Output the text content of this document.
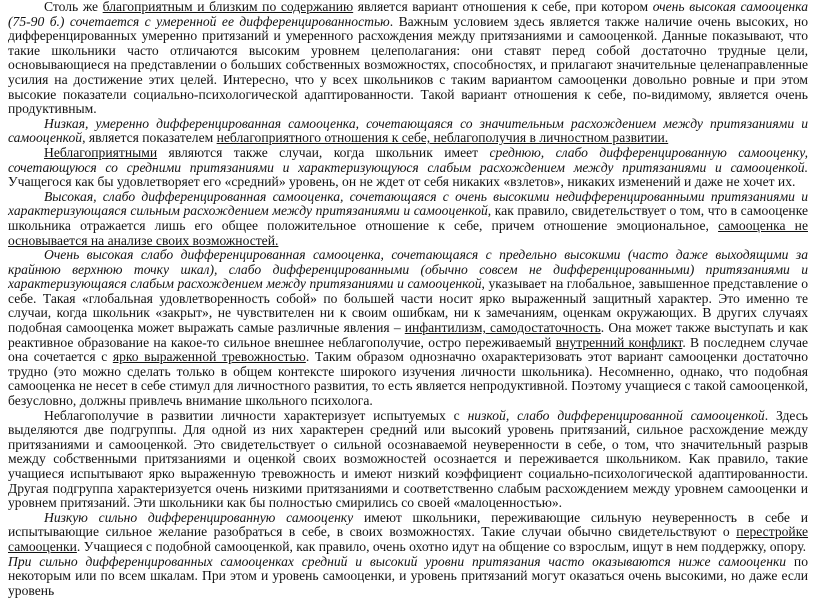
Столь же благоприятным и близким по содержанию является вариант отношения к себе, при котором очень высокая самооценка (75-90 б.) сочетается с умеренной ее дифференцированностью. Важным условием здесь является также наличие очень высоких, но дифференцированных умеренно притязаний и умеренного расхождения между притязаниями и самооценкой. Данные показывают, что такие школьники часто отличаются высоким уровнем целеполагания: они ставят перед собой достаточно трудные цели, основывающиеся на представлении о больших собственных возможностях, способностях, и прилагают значительные целенаправленные усилия на достижение этих целей. Интересно, что у всех школьников с таким вариантом самооценки довольно ровные и при этом высокие показатели социально-психологической адаптированности. Такой вариант отношения к себе, по-видимому, является очень продуктивным.

Низкая, умеренно дифференцированная самооценка, сочетающаяся со значительным расхождением между притязаниями и самооценкой, является показателем неблагоприятного отношения к себе, неблагополучия в личностном развитии.

Неблагоприятными являются также случаи, когда школьник имеет среднюю, слабо дифференцированную самооценку, сочетающуюся со средними притязаниями и характеризующуюся слабым расхождением между притязаниями и самооценкой. Учащегося как бы удовлетворяет его «средний» уровень, он не ждет от себя никаких «взлетов», никаких изменений и даже не хочет их.

Высокая, слабо дифференцированная самооценка, сочетающаяся с очень высокими недифференцированными притязаниями и характеризующаяся сильным расхождением между притязаниями и самооценкой, как правило, свидетельствует о том, что в самооценке школьника отражается лишь его общее положительное отношение к себе, причем отношение эмоциональное, самооценка не основывается на анализе своих возможностей.

Очень высокая слабо дифференцированная самооценка, сочетающаяся с предельно высокими (часто даже выходящими за крайнюю верхнюю точку шкал), слабо дифференцированными (обычно совсем не дифференцированными) притязаниями и характеризующаяся слабым расхождением между притязаниями и самооценкой, указывает на глобальное, завышенное представление о себе. Такая «глобальная удовлетворенность собой» по большей части носит ярко выраженный защитный характер. Это именно те случаи, когда школьник «закрыт», не чувствителен ни к своим ошибкам, ни к замечаниям, оценкам окружающих. В других случаях подобная самооценка может выражать самые различные явления – инфантилизм, самодостаточность. Она может также выступать и как реактивное образование на какое-то сильное внешнее неблагополучие, остро переживаемый внутренний конфликт. В последнем случае она сочетается с ярко выраженной тревожностью. Таким образом однозначно охарактеризовать этот вариант самооценки достаточно трудно (это можно сделать только в общем контексте широкого изучения личности школьника). Несомненно, однако, что подобная самооценка не несет в себе стимул для личностного развития, то есть является непродуктивной. Поэтому учащиеся с такой самооценкой, безусловно, должны привлечь внимание школьного психолога.

Неблагополучие в развитии личности характеризует испытуемых с низкой, слабо дифференцированной самооценкой. Здесь выделяются две подгруппы. Для одной из них характерен средний или высокий уровень притязаний, сильное расхождение между притязаниями и самооценкой. Это свидетельствует о сильной осознаваемой неуверенности в себе, о том, что значительный разрыв между собственными притязаниями и оценкой своих возможностей осознается и переживается школьником. Как правило, такие учащиеся испытывают ярко выраженную тревожность и имеют низкий коэффициент социально-психологической адаптированности. Другая подгруппа характеризуется очень низкими притязаниями и соответственно слабым расхождением между уровнем самооценки и уровнем притязаний. Эти школьники как бы полностью смирились со своей «малоценностью».

Низкую сильно дифференцированную самооценку имеют школьники, переживающие сильную неуверенность в себе и испытывающие сильное желание разобраться в себе, в своих возможностях. Такие случаи обычно свидетельствуют о перестройке самооценки. Учащиеся с подобной самооценкой, как правило, очень охотно идут на общение со взрослым, ищут в нем поддержку, опору.

При сильно дифференцированных самооценках средний и высокий уровни притязания часто оказываются ниже самооценки по некоторым или по всем шкалам. При этом и уровень самооценки, и уровень притязаний могут оказаться очень высокими, но даже если уровень
